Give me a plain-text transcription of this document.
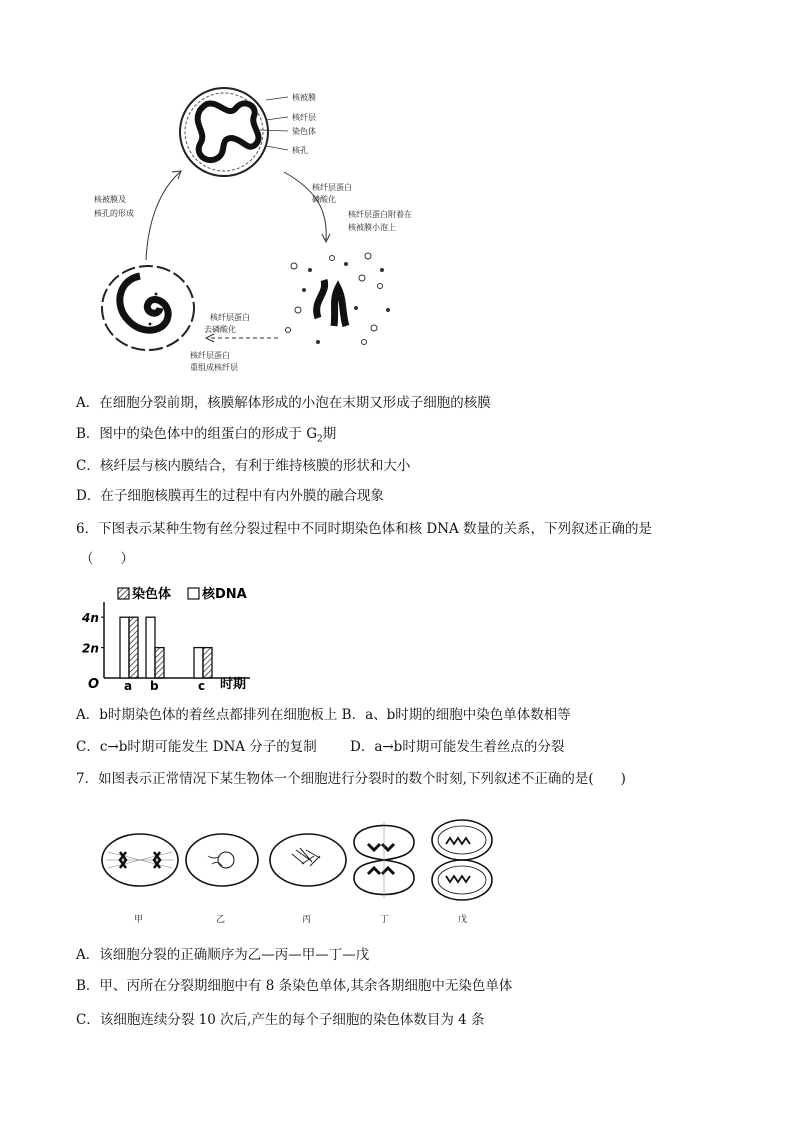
核被膜
核纤层
染色体
核孔
核纤层蛋白
磷酸化
核纤层蛋白附着在
核被膜小泡上
核被膜及
核孔的形成
核纤层蛋白
去磷酸化
核纤层蛋白
重组成核纤层
A．在细胞分裂前期，核膜解体形成的小泡在末期又形成子细胞的核膜
B．图中的染色体中的组蛋白的形成于 $G_2$期
C．核纤层与核内膜结合，有利于维持核膜的形状和大小
D．在子细胞核膜再生的过程中有内外膜的融合现象
6．下图表示某种生物有丝分裂过程中不同时期染色体和核 DNA 数量的关系，下列叙述正确的是
（　　）
染色体 核DNA
a b	c
4n
2n
O	时期
A．b时期染色体的着丝点都排列在细胞板上 B．a、b时期的细胞中染色单体数相等
C．c→b时期可能发生 DNA 分子的复制 D．a→b时期可能发生着丝点的分裂
7．如图表示正常情况下某生物体一个细胞进行分裂时的数个时刻,下列叙述不正确的是(　　)
甲	乙	丙	丁	戊
A．该细胞分裂的正确顺序为乙—丙—甲—丁—戊
B．甲、丙所在分裂期细胞中有 8 条染色单体,其余各期细胞中无染色单体
C．该细胞连续分裂 10 次后,产生的每个子细胞的染色体数目为 4 条
